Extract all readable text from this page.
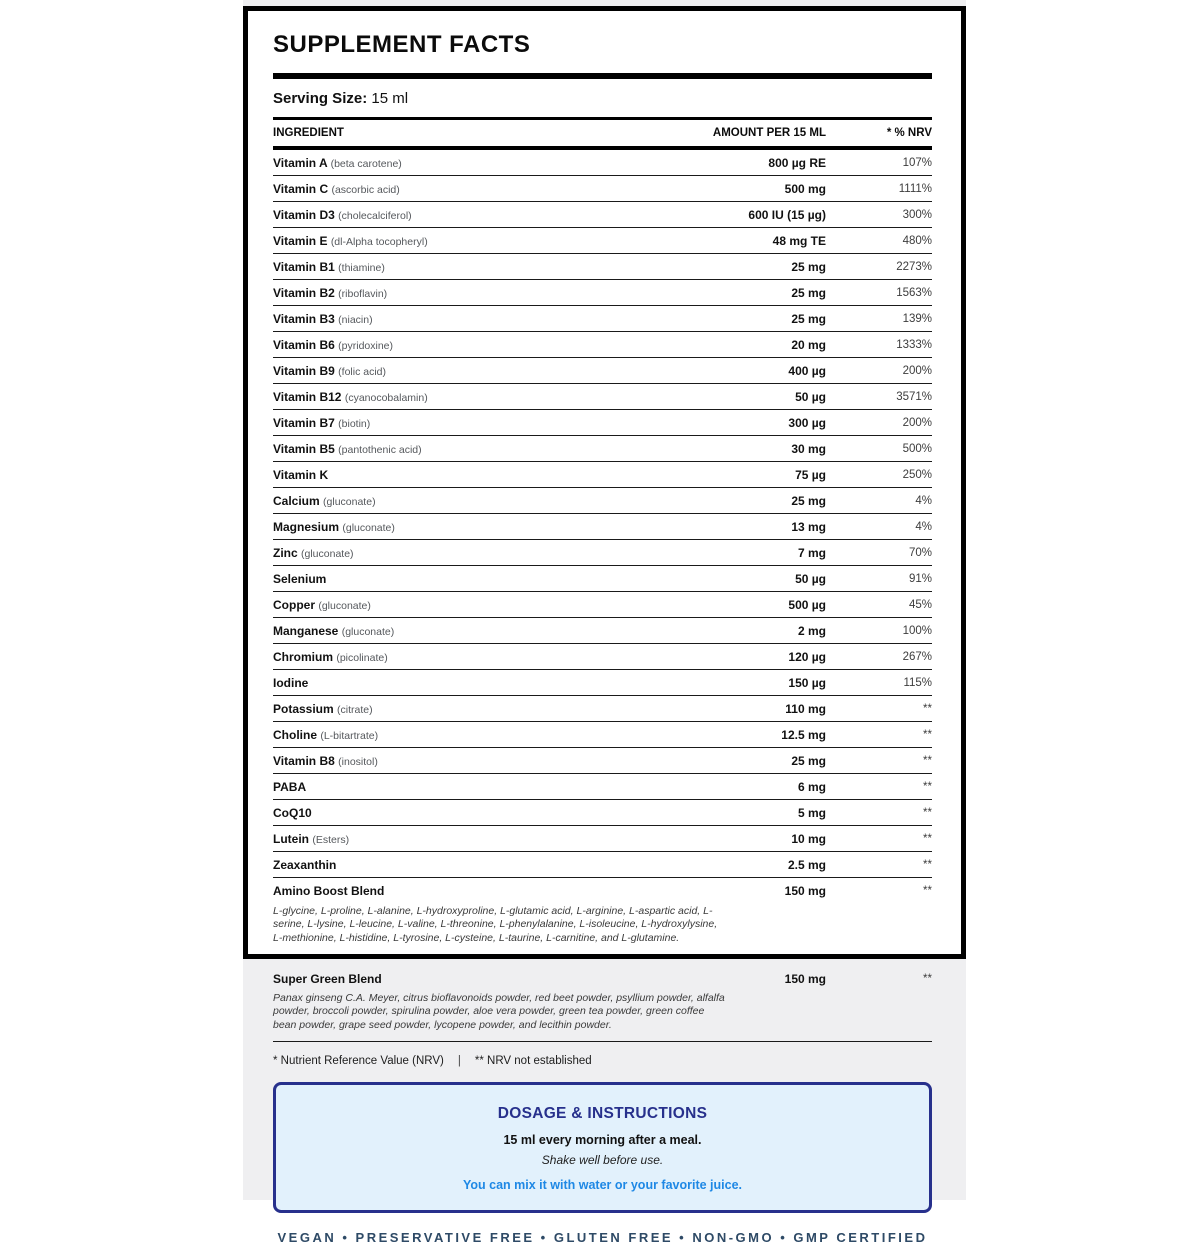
SUPPLEMENT FACTS
Serving Size: 15 ml
INGREDIENT	AMOUNT PER 15 ML	* % NRV
Vitamin A (beta carotene)	800 µg RE	107%
Vitamin C (ascorbic acid)	500 mg	1111%
Vitamin D3 (cholecalciferol)	600 IU (15 µg)	300%
Vitamin E (dl-Alpha tocopheryl)	48 mg TE	480%
Vitamin B1 (thiamine)	25 mg	2273%
Vitamin B2 (riboflavin)	25 mg	1563%
Vitamin B3 (niacin)	25 mg	139%
Vitamin B6 (pyridoxine)	20 mg	1333%
Vitamin B9 (folic acid)	400 µg	200%
Vitamin B12 (cyanocobalamin)	50 µg	3571%
Vitamin B7 (biotin)	300 µg	200%
Vitamin B5 (pantothenic acid)	30 mg	500%
Vitamin K	75 µg	250%
Calcium (gluconate)	25 mg	4%
Magnesium (gluconate)	13 mg	4%
Zinc (gluconate)	7 mg	70%
Selenium	50 µg	91%
Copper (gluconate)	500 µg	45%
Manganese (gluconate)	2 mg	100%
Chromium (picolinate)	120 µg	267%
Iodine	150 µg	115%
Potassium (citrate)	110 mg	**
Choline (L-bitartrate)	12.5 mg	**
Vitamin B8 (inositol)	25 mg	**
PABA	6 mg	**
CoQ10	5 mg	**
Lutein (Esters)	10 mg	**
Zeaxanthin	2.5 mg	**
Amino Boost Blend	150 mg	**
L-glycine, L-proline, L-alanine, L-hydroxyproline, L-glutamic acid, L-arginine, L-aspartic acid, L-serine, L-lysine, L-leucine, L-valine, L-threonine, L-phenylalanine, L-isoleucine, L-hydroxylysine, L-methionine, L-histidine, L-tyrosine, L-cysteine, L-taurine, L-carnitine, and L-glutamine.
Super Green Blend	150 mg	**
Panax ginseng C.A. Meyer, citrus bioflavonoids powder, red beet powder, psyllium powder, alfalfa powder, broccoli powder, spirulina powder, aloe vera powder, green tea powder, green coffee bean powder, grape seed powder, lycopene powder, and lecithin powder.
* Nutrient Reference Value (NRV) | ** NRV not established
DOSAGE & INSTRUCTIONS
15 ml every morning after a meal.
Shake well before use.
You can mix it with water or your favorite juice.
VEGAN • PRESERVATIVE FREE • GLUTEN FREE • NON-GMO • GMP CERTIFIED
